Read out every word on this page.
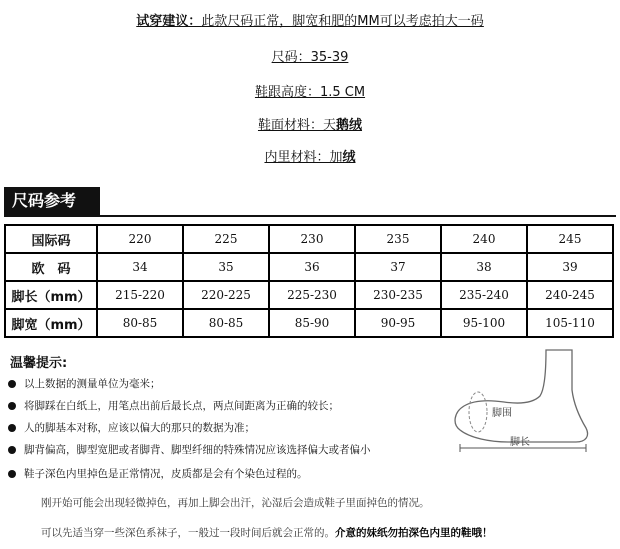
试穿建议：此款尺码正常，脚宽和肥的MM可以考虑拍大一码
尺码：35-39
鞋跟高度：1.5 CM
鞋面材料：天鹅绒
内里材料：加绒
尺码参考
国际码	220	225	230	235	240	245
欧　码	34	35	36	37	38	39
脚长（mm）	215-220	220-225	225-230	230-235	235-240	240-245
脚宽（mm）	80-85	80-85	85-90	90-95	95-100	105-110
温馨提示:
以上数据的测量单位为毫米；
将脚踩在白纸上，用笔点出前后最长点，两点间距离为正确的较长；
人的脚基本对称，应该以偏大的那只的数据为准；
脚背偏高，脚型宽肥或者脚背、脚型纤细的特殊情况应该选择偏大或者偏小
鞋子深色内里掉色是正常情况，皮质都是会有个染色过程的。
刚开始可能会出现轻微掉色，再加上脚会出汗，沁湿后会造成鞋子里面掉色的情况。
可以先适当穿一些深色系袜子，一般过一段时间后就会正常的。介意的妹纸勿拍深色内里的鞋哦！
脚围
脚长
